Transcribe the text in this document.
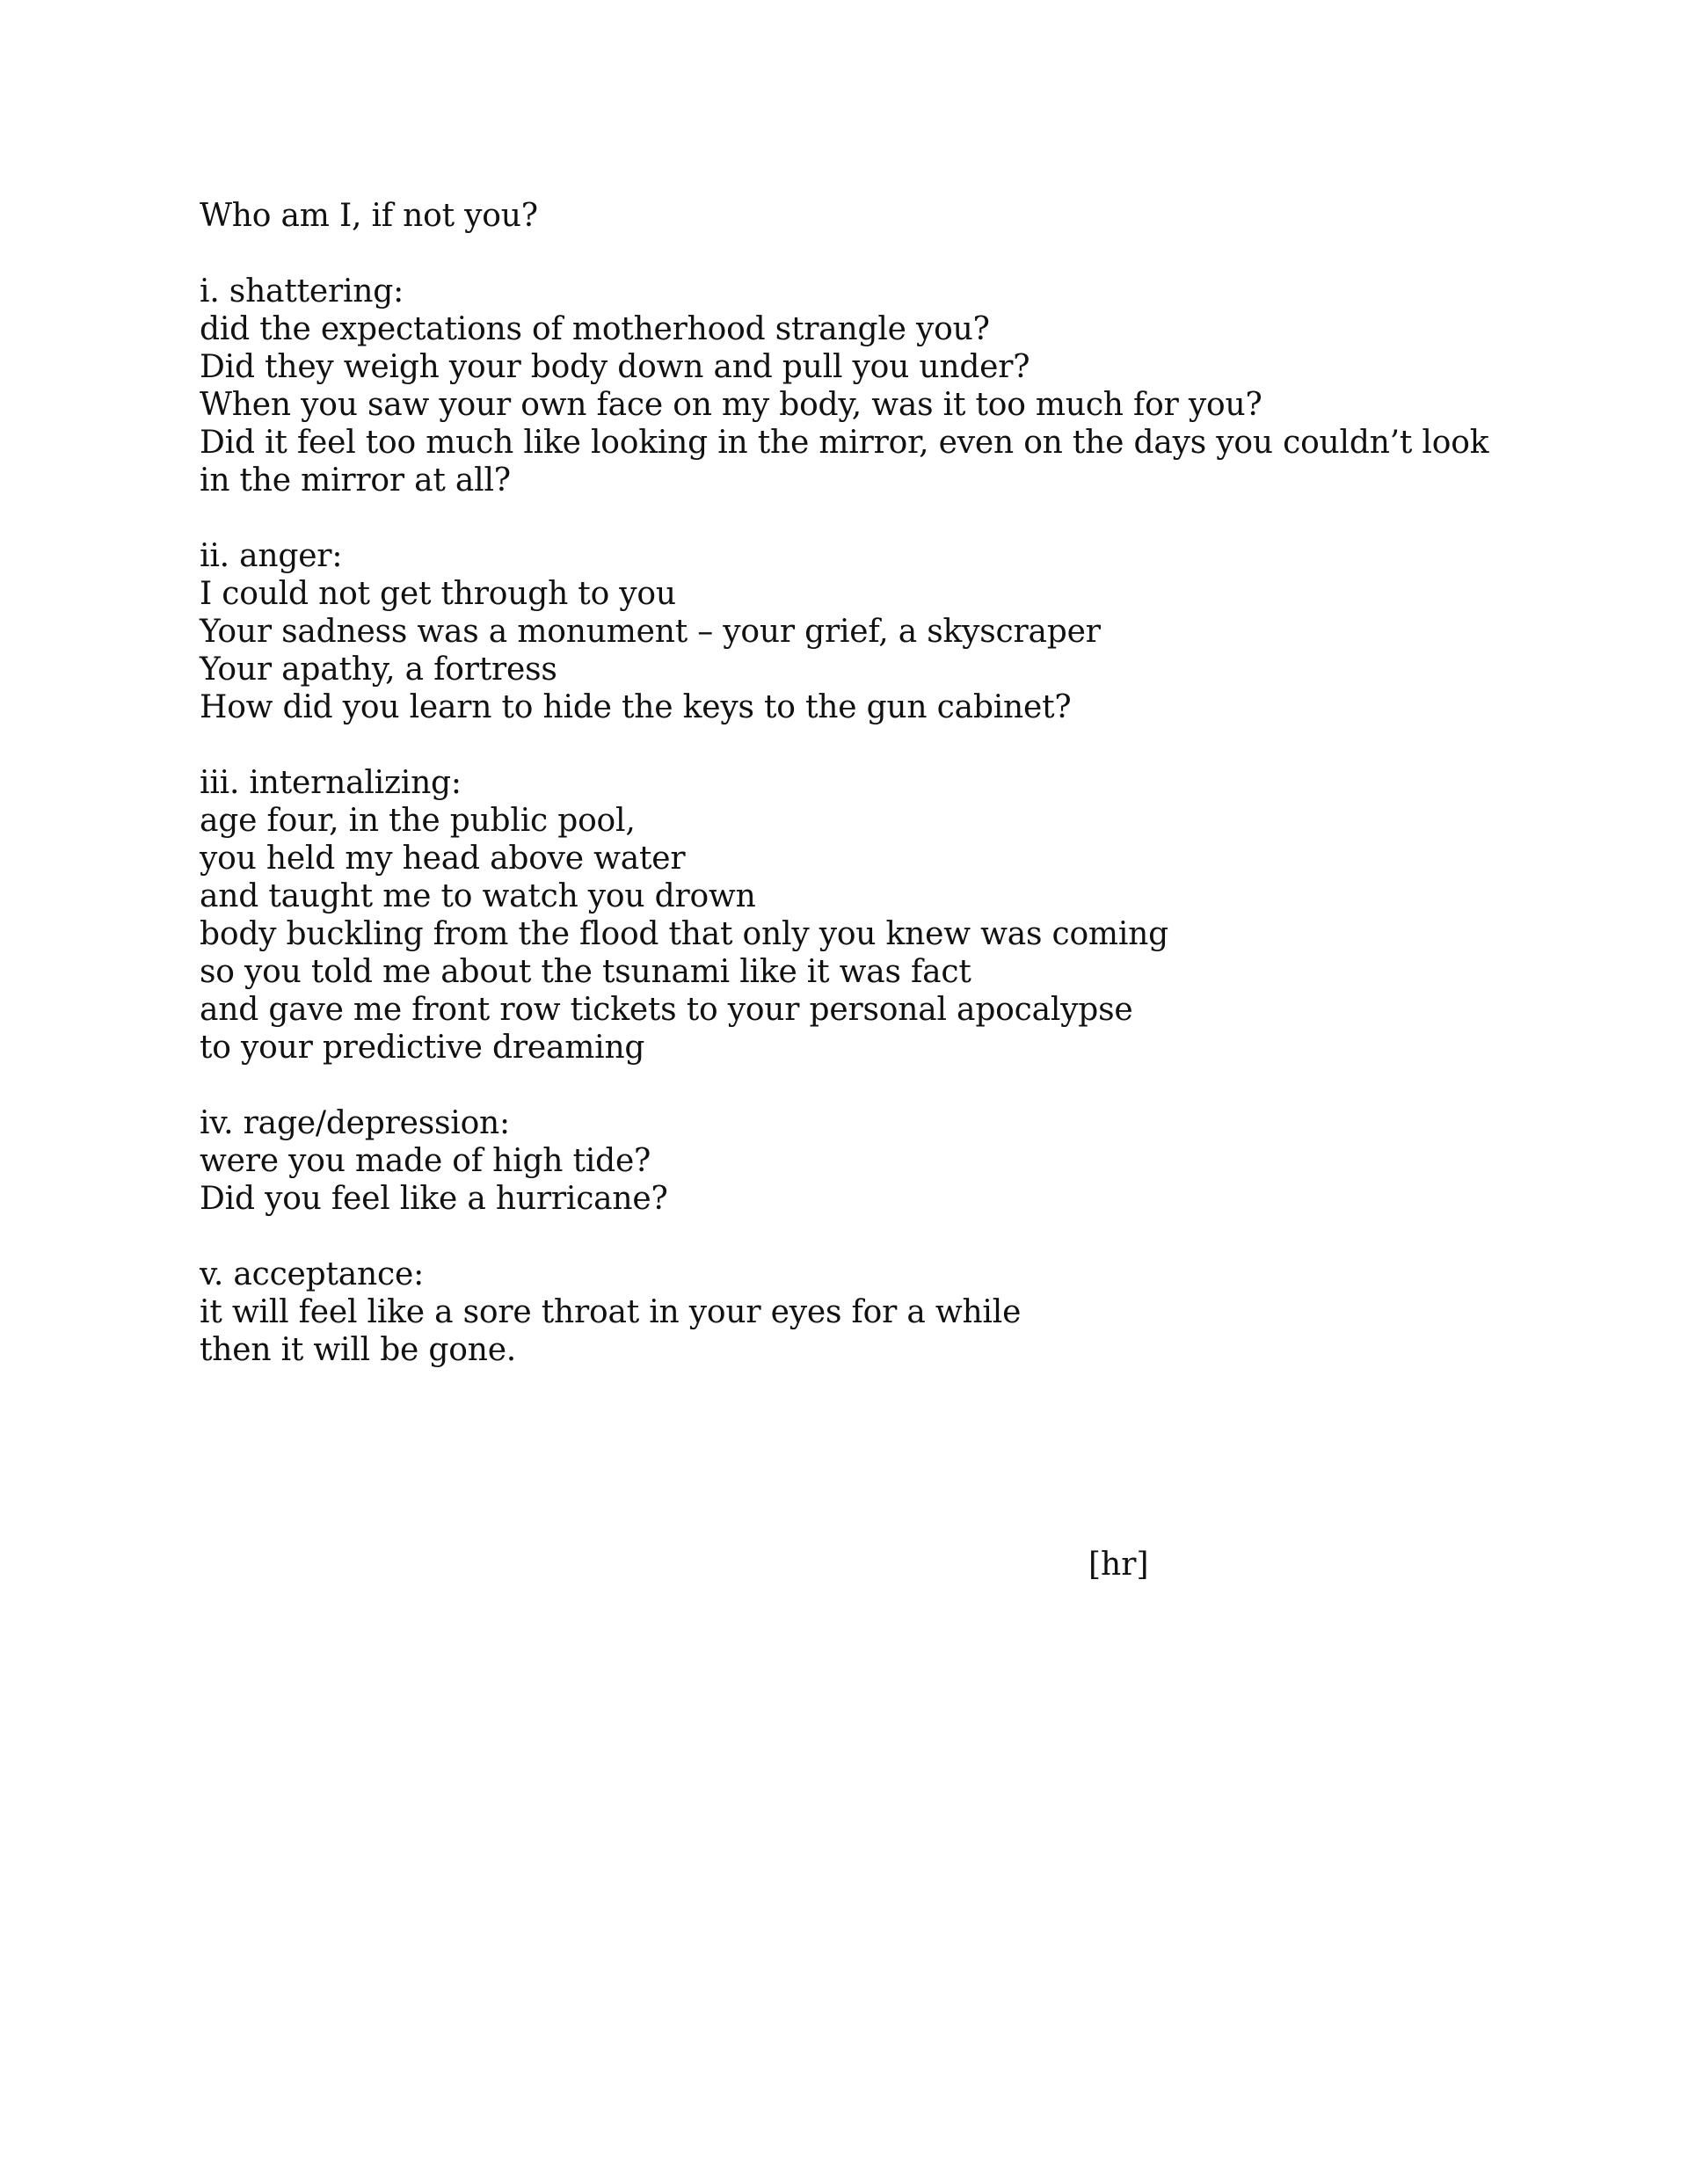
Who am I, if not you?
i. shattering:
did the expectations of motherhood strangle you?
Did they weigh your body down and pull you under?
When you saw your own face on my body, was it too much for you?
Did it feel too much like looking in the mirror, even on the days you couldn’t look in the mirror at all?
ii. anger:
I could not get through to you
Your sadness was a monument – your grief, a skyscraper
Your apathy, a fortress
How did you learn to hide the keys to the gun cabinet?
iii. internalizing:
age four, in the public pool,
you held my head above water
and taught me to watch you drown
body buckling from the flood that only you knew was coming
so you told me about the tsunami like it was fact
and gave me front row tickets to your personal apocalypse
to your predictive dreaming
iv. rage/depression:
were you made of high tide?
Did you feel like a hurricane?
v. acceptance:
it will feel like a sore throat in your eyes for a while
then it will be gone.
[hr]
